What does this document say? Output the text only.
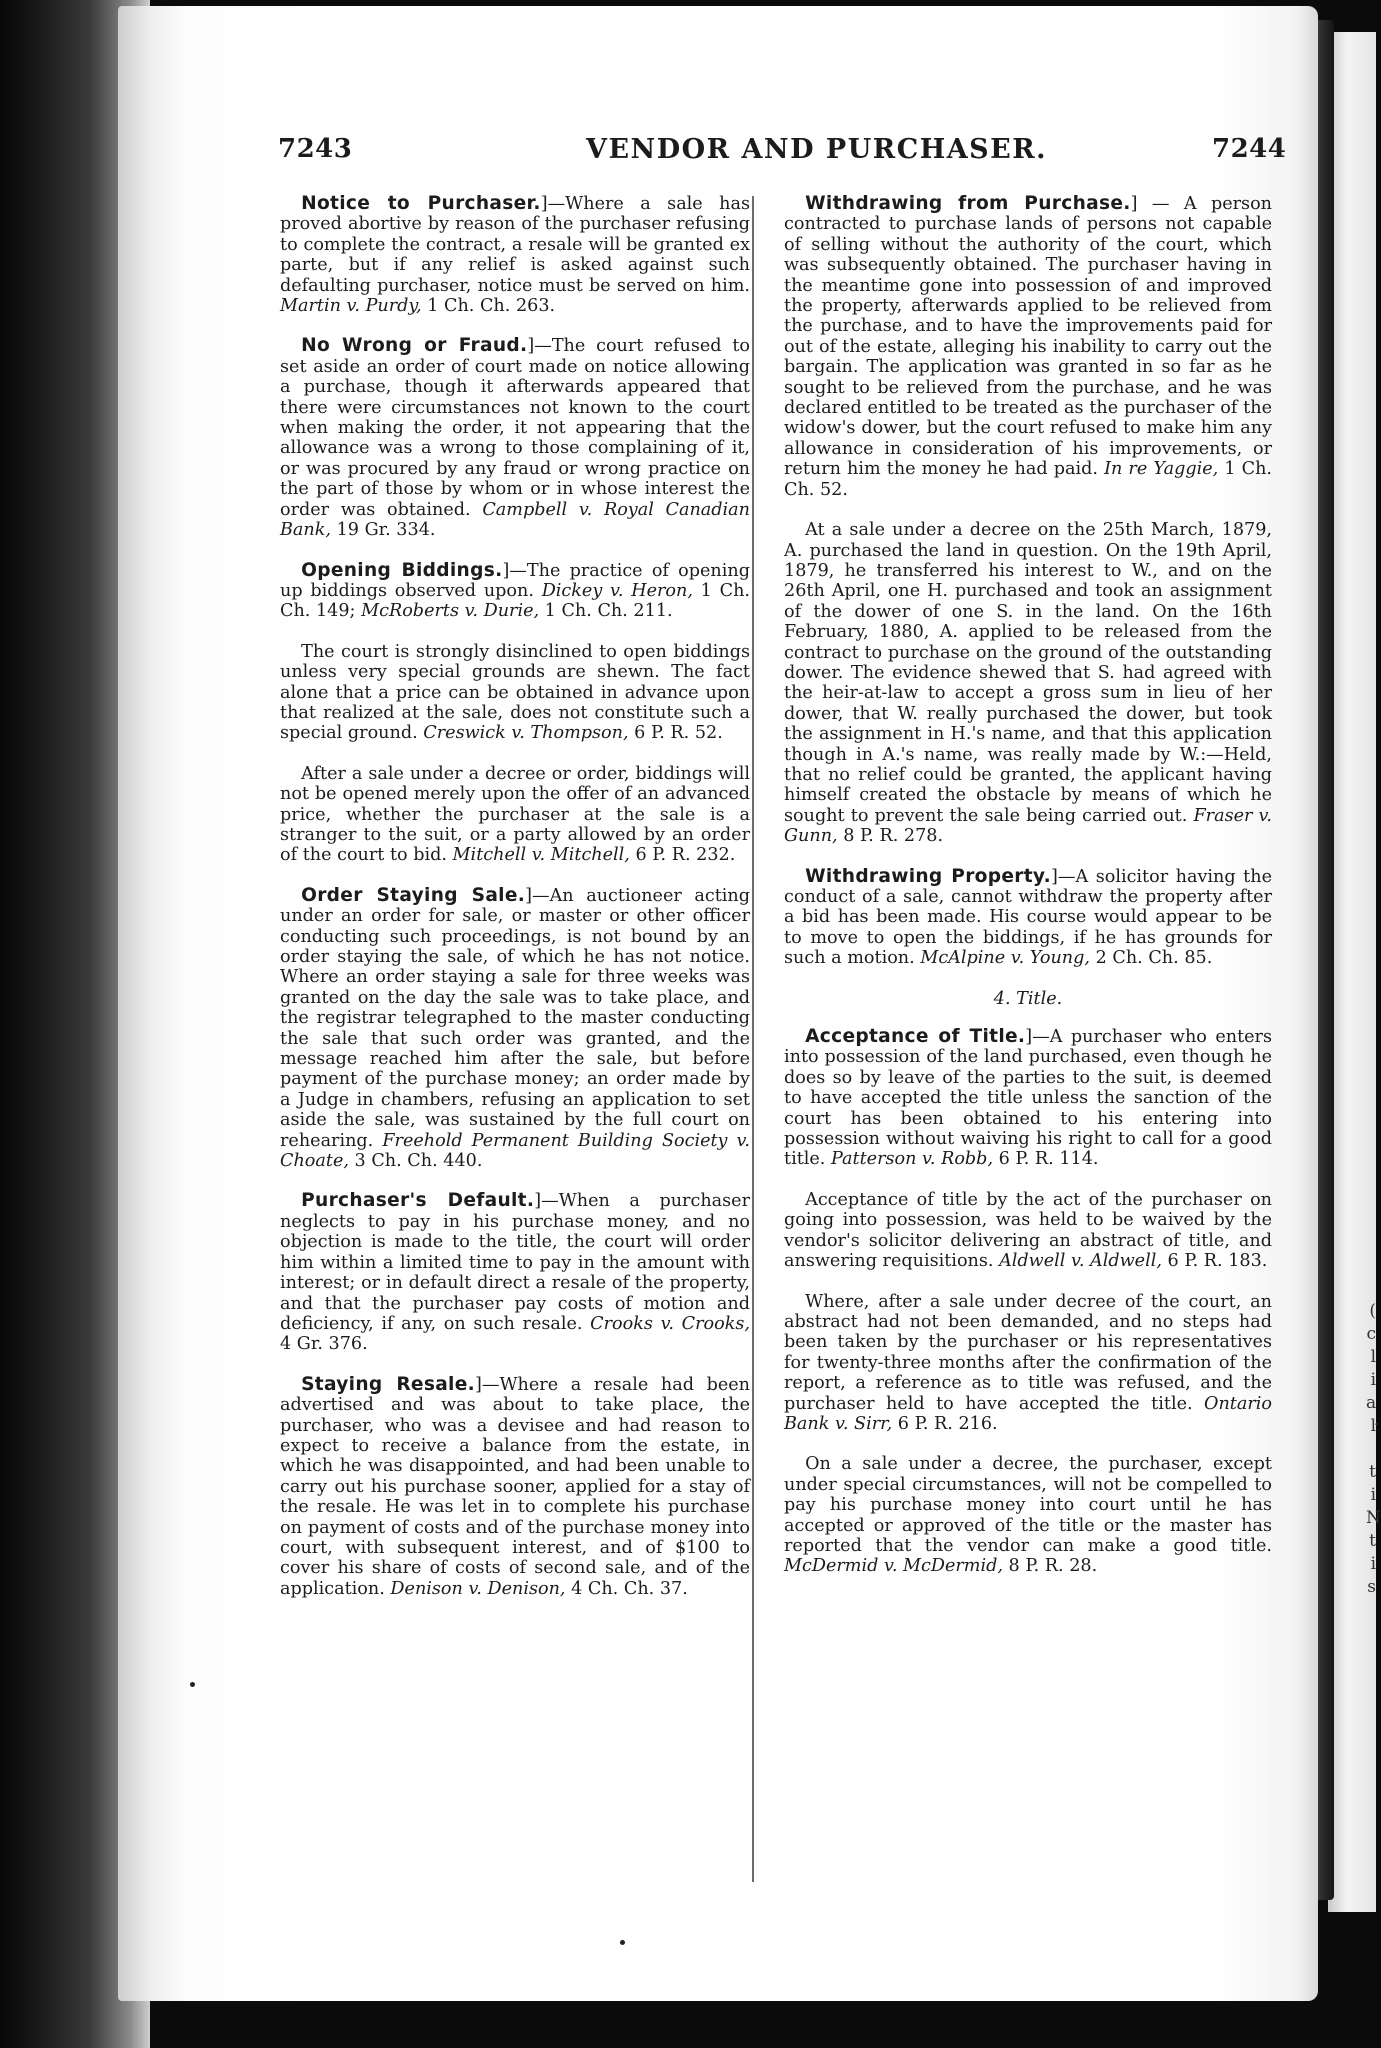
(
c
l
i
a
ŀ
t
i
N
t
i
s
7243	VENDOR AND PURCHASER.	7244

Notice to Purchaser.]—Where a sale has proved abortive by reason of the purchaser refusing to complete the contract, a resale will be granted ex parte, but if any relief is asked against such defaulting purchaser, notice must be served on him. Martin v. Purdy, 1 Ch. Ch. 263.

No Wrong or Fraud.]—The court refused to set aside an order of court made on notice allowing a purchase, though it afterwards appeared that there were circumstances not known to the court when making the order, it not appearing that the allowance was a wrong to those complaining of it, or was procured by any fraud or wrong practice on the part of those by whom or in whose interest the order was obtained. Campbell v. Royal Canadian Bank, 19 Gr. 334.

Opening Biddings.]—The practice of opening up biddings observed upon. Dickey v. Heron, 1 Ch. Ch. 149; McRoberts v. Durie, 1 Ch. Ch. 211.

The court is strongly disinclined to open biddings unless very special grounds are shewn. The fact alone that a price can be obtained in advance upon that realized at the sale, does not constitute such a special ground. Creswick v. Thompson, 6 P. R. 52.

After a sale under a decree or order, biddings will not be opened merely upon the offer of an advanced price, whether the purchaser at the sale is a stranger to the suit, or a party allowed by an order of the court to bid. Mitchell v. Mitchell, 6 P. R. 232.

Order Staying Sale.]—An auctioneer acting under an order for sale, or master or other officer conducting such proceedings, is not bound by an order staying the sale, of which he has not notice. Where an order staying a sale for three weeks was granted on the day the sale was to take place, and the registrar telegraphed to the master conducting the sale that such order was granted, and the message reached him after the sale, but before payment of the purchase money; an order made by a Judge in chambers, refusing an application to set aside the sale, was sustained by the full court on rehearing. Freehold Permanent Building Society v. Choate, 3 Ch. Ch. 440.

Purchaser's Default.]—When a purchaser neglects to pay in his purchase money, and no objection is made to the title, the court will order him within a limited time to pay in the amount with interest; or in default direct a resale of the property, and that the purchaser pay costs of motion and deficiency, if any, on such resale. Crooks v. Crooks, 4 Gr. 376.

Staying Resale.]—Where a resale had been advertised and was about to take place, the purchaser, who was a devisee and had reason to expect to receive a balance from the estate, in which he was disappointed, and had been unable to carry out his purchase sooner, applied for a stay of the resale. He was let in to complete his purchase on payment of costs and of the purchase money into court, with subsequent interest, and of $100 to cover his share of costs of second sale, and of the application. Denison v. Denison, 4 Ch. Ch. 37.

Withdrawing from Purchase.] — A person contracted to purchase lands of persons not capable of selling without the authority of the court, which was subsequently obtained. The purchaser having in the meantime gone into possession of and improved the property, afterwards applied to be relieved from the purchase, and to have the improvements paid for out of the estate, alleging his inability to carry out the bargain. The application was granted in so far as he sought to be relieved from the purchase, and he was declared entitled to be treated as the purchaser of the widow's dower, but the court refused to make him any allowance in consideration of his improvements, or return him the money he had paid. In re Yaggie, 1 Ch. Ch. 52.

At a sale under a decree on the 25th March, 1879, A. purchased the land in question. On the 19th April, 1879, he transferred his interest to W., and on the 26th April, one H. purchased and took an assignment of the dower of one S. in the land. On the 16th February, 1880, A. applied to be released from the contract to purchase on the ground of the outstanding dower. The evidence shewed that S. had agreed with the heir-at-law to accept a gross sum in lieu of her dower, that W. really purchased the dower, but took the assignment in H.'s name, and that this application though in A.'s name, was really made by W.:—Held, that no relief could be granted, the applicant having himself created the obstacle by means of which he sought to prevent the sale being carried out. Fraser v. Gunn, 8 P. R. 278.

Withdrawing Property.]—A solicitor having the conduct of a sale, cannot withdraw the property after a bid has been made. His course would appear to be to move to open the biddings, if he has grounds for such a motion. McAlpine v. Young, 2 Ch. Ch. 85.

4. Title.

Acceptance of Title.]—A purchaser who enters into possession of the land purchased, even though he does so by leave of the parties to the suit, is deemed to have accepted the title unless the sanction of the court has been obtained to his entering into possession without waiving his right to call for a good title. Patterson v. Robb, 6 P. R. 114.

Acceptance of title by the act of the purchaser on going into possession, was held to be waived by the vendor's solicitor delivering an abstract of title, and answering requisitions. Aldwell v. Aldwell, 6 P. R. 183.

Where, after a sale under decree of the court, an abstract had not been demanded, and no steps had been taken by the purchaser or his representatives for twenty-three months after the confirmation of the report, a reference as to title was refused, and the purchaser held to have accepted the title. Ontario Bank v. Sirr, 6 P. R. 216.

On a sale under a decree, the purchaser, except under special circumstances, will not be compelled to pay his purchase money into court until he has accepted or approved of the title or the master has reported that the vendor can make a good title. McDermid v. McDermid, 8 P. R. 28.
